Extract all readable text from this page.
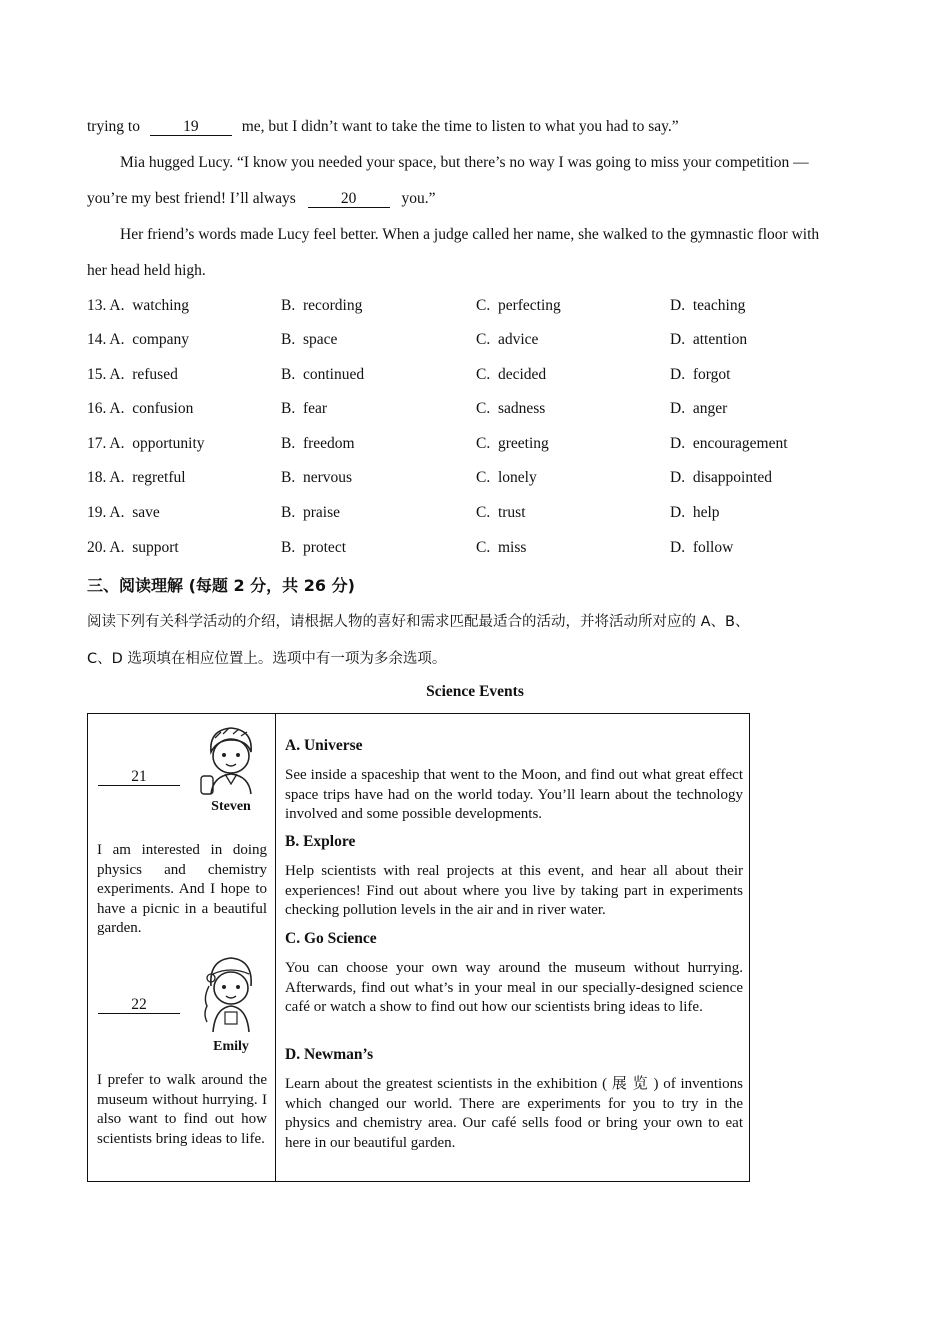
trying to	19	me, but I didn’t want to take the time to listen to what you had to say.”
Mia hugged Lucy. “I know you needed your space, but there’s no way I was going to miss your competition —
you’re my best friend! I’ll always	20	you.”
Her friend’s words made Lucy feel better. When a judge called her name, she walked to the gymnastic floor with
her head held high.
13. A. watching	B. recording	C. perfecting	D. teaching
14. A. company	B. space	C. advice	D. attention
15. A. refused	B. continued	C. decided	D. forgot
16. A. confusion	B. fear	C. sadness	D. anger
17. A. opportunity	B. freedom	C. greeting	D. encouragement
18. A. regretful	B. nervous	C. lonely	D. disappointed
19. A. save	B. praise	C. trust	D. help
20. A. support	B. protect	C. miss	D. follow
三、阅读理解 (每题 2 分，共 26 分)
阅读下列有关科学活动的介绍，请根据人物的喜好和需求匹配最适合的活动，并将活动所对应的 A、B、
C、D 选项填在相应位置上。选项中有一项为多余选项。
Science Events
21
Steven
I am interested in doing physics and chemistry experiments. And I hope to have a picnic in a beautiful garden.
22
Emily
I prefer to walk around the museum without hurrying. I also want to find out how scientists bring ideas to life.
A. Universe
See inside a spaceship that went to the Moon, and find out what great effect space trips have had on the world today. You’ll learn about the technology involved and some possible developments.
B. Explore
Help scientists with real projects at this event, and hear all about their experiences! Find out about where you live by taking part in experiments checking pollution levels in the air and in river water.
C. Go Science
You can choose your own way around the museum without hurrying. Afterwards, find out what’s in your meal in our specially-designed science café or watch a show to find out how our scientists bring ideas to life.
D. Newman’s
Learn about the greatest scientists in the exhibition ( 展 览 ) of inventions which changed our world. There are experiments for you to try in the physics and chemistry area. Our café sells food or bring your own to eat here in our beautiful garden.
